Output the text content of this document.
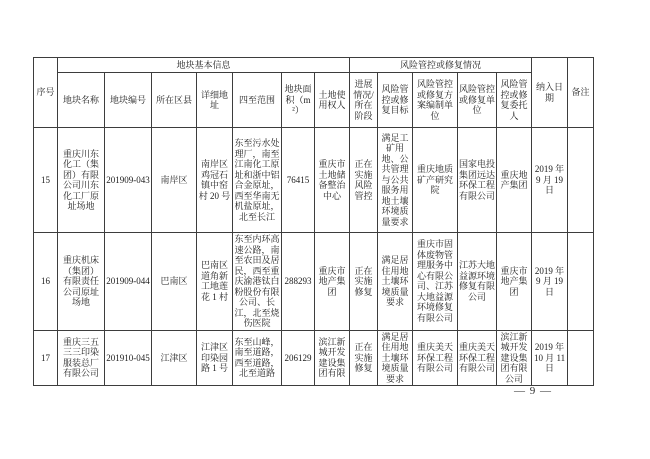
序号	地块基本信息							风险管控或修复情况					纳入日期	备注
	地块名称	地块编号	所在区县	详细地址	四至范围	地块面积（m²）	土地使用权人	进展情况/所在阶段	风险管控或修复目标	风险管控或修复方案编制单位	风险管控或修复单位	风险管控或修复委托人		
15	重庆川东化工（集团）有限公司川东化工厂原址场地	201909-043	南岸区	南岸区鸡冠石镇中窑村 20 号	东至污水处理厂，南至江南化工原址和浙中铝合金原址，西至华南无机盐原址，北至长江	76415	重庆市土地储备整治中心	正在实施风险管控	满足工矿用地、公共管理与公共服务用地土壤环境质量要求	重庆地质矿产研究院	国家电投集团远达环保工程有限公司	重庆地产集团	2019 年 9 月 19 日	
16	重庆机床（集团）有限责任公司原址场地	201909-044	巴南区	巴南区道角新工地莲花 1 村	东至内环高速公路，南至农田及居民，西至重庆渝港钛白粉股份有限公司、长江，北至烧伤医院	288293	重庆市地产集团	正在实施修复	满足居住用地土壤环境质量要求	重庆市固体废物管理服务中心有限公司、江苏大地益源环境修复有限公司	江苏大地益源环境修复有限公司	重庆市地产集团	2019 年 9 月 19 日	
17	重庆三五三三印染服装总厂有限公司	201910-045	江津区	江津区印染园路 1 号	东至山峰，南至道路，西至道路，北至道路	206129	滨江新城开发建设集团有限	正在实施修复	满足居住用地土壤环境质量要求	重庆美天环保工程有限公司	重庆美天环保工程有限公司	滨江新城开发建设集团有限公司	2019 年 10 月 11 日	
— 9 —
